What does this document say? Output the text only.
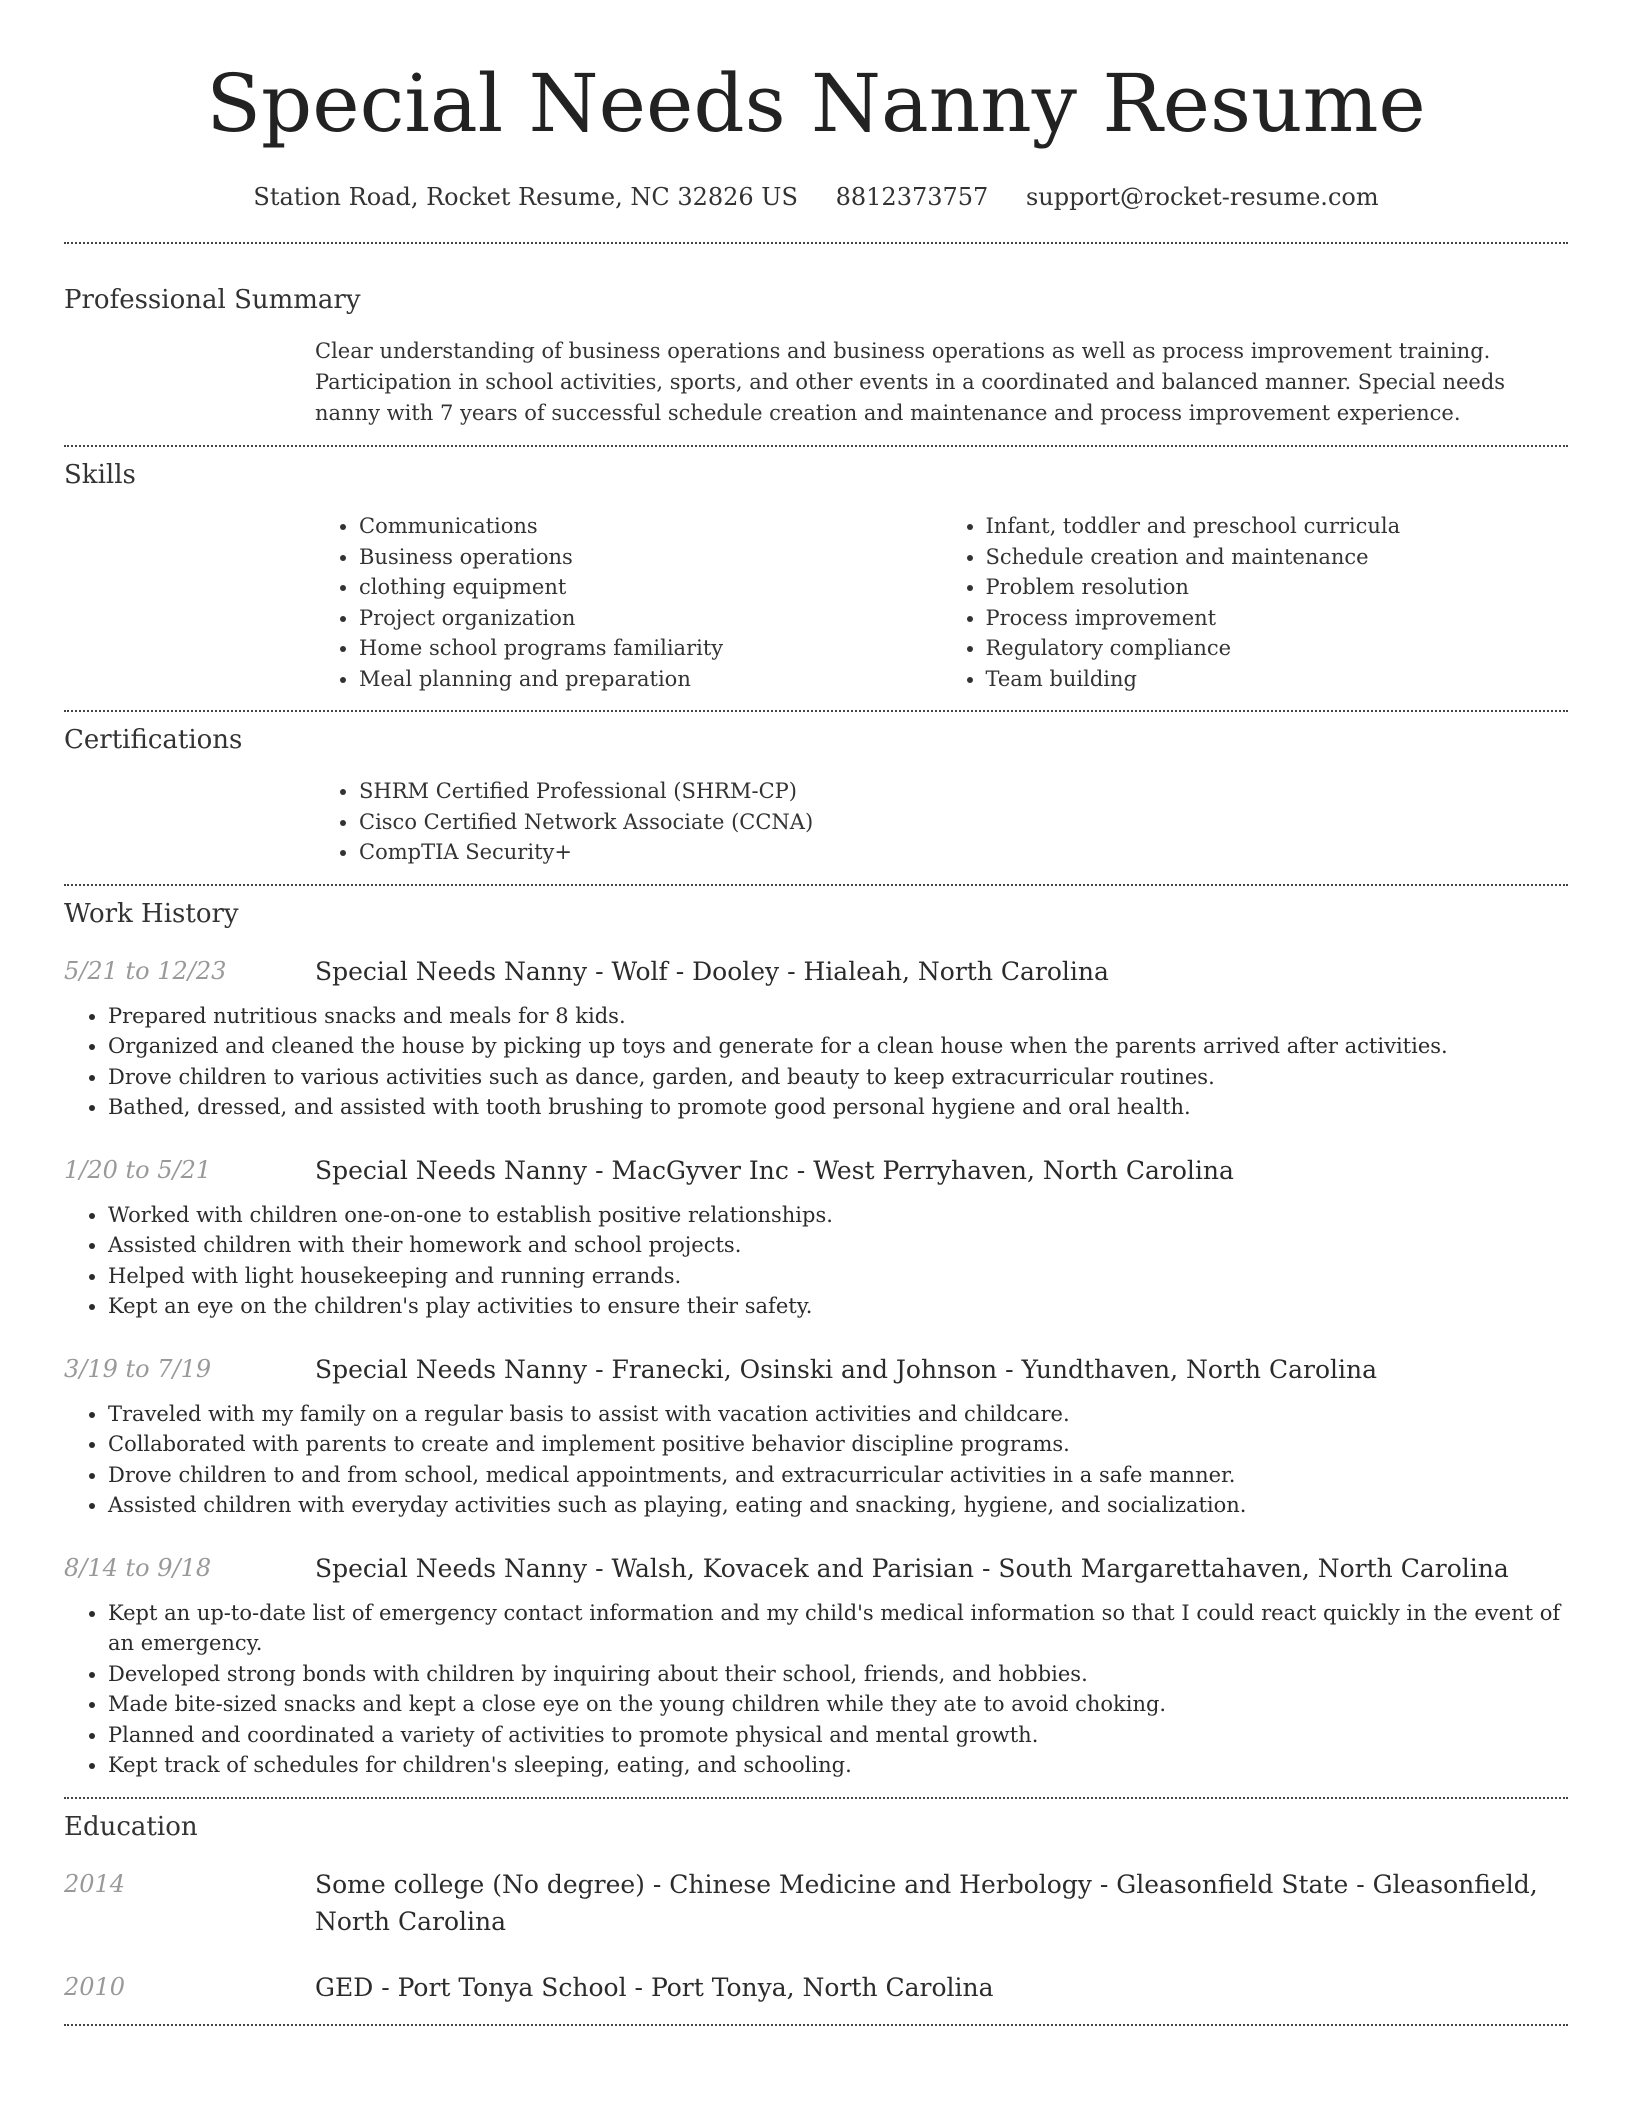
Special Needs Nanny Resume
Station Road, Rocket Resume, NC 32826 US 8812373757 support@rocket-resume.com
Professional Summary
Clear understanding of business operations and business operations as well as process improvement training. Participation in school activities, sports, and other events in a coordinated and balanced manner. Special needs nanny with 7 years of successful schedule creation and maintenance and process improvement experience.
Skills
• Communications
• Business operations
• clothing equipment
• Project organization
• Home school programs familiarity
• Meal planning and preparation
• Infant, toddler and preschool curricula
• Schedule creation and maintenance
• Problem resolution
• Process improvement
• Regulatory compliance
• Team building
Certifications
• SHRM Certified Professional (SHRM-CP)
• Cisco Certified Network Associate (CCNA)
• CompTIA Security+
Work History
5/21 to 12/23	Special Needs Nanny - Wolf - Dooley - Hialeah, North Carolina
• Prepared nutritious snacks and meals for 8 kids.
• Organized and cleaned the house by picking up toys and generate for a clean house when the parents arrived after activities.
• Drove children to various activities such as dance, garden, and beauty to keep extracurricular routines.
• Bathed, dressed, and assisted with tooth brushing to promote good personal hygiene and oral health.
1/20 to 5/21	Special Needs Nanny - MacGyver Inc - West Perryhaven, North Carolina
• Worked with children one-on-one to establish positive relationships.
• Assisted children with their homework and school projects.
• Helped with light housekeeping and running errands.
• Kept an eye on the children's play activities to ensure their safety.
3/19 to 7/19	Special Needs Nanny - Franecki, Osinski and Johnson - Yundthaven, North Carolina
• Traveled with my family on a regular basis to assist with vacation activities and childcare.
• Collaborated with parents to create and implement positive behavior discipline programs.
• Drove children to and from school, medical appointments, and extracurricular activities in a safe manner.
• Assisted children with everyday activities such as playing, eating and snacking, hygiene, and socialization.
8/14 to 9/18	Special Needs Nanny - Walsh, Kovacek and Parisian - South Margarettahaven, North Carolina
• Kept an up-to-date list of emergency contact information and my child's medical information so that I could react quickly in the event of an emergency.
• Developed strong bonds with children by inquiring about their school, friends, and hobbies.
• Made bite-sized snacks and kept a close eye on the young children while they ate to avoid choking.
• Planned and coordinated a variety of activities to promote physical and mental growth.
• Kept track of schedules for children's sleeping, eating, and schooling.
Education
2014	Some college (No degree) - Chinese Medicine and Herbology - Gleasonfield State - Gleasonfield, North Carolina
2010	GED - Port Tonya School - Port Tonya, North Carolina
